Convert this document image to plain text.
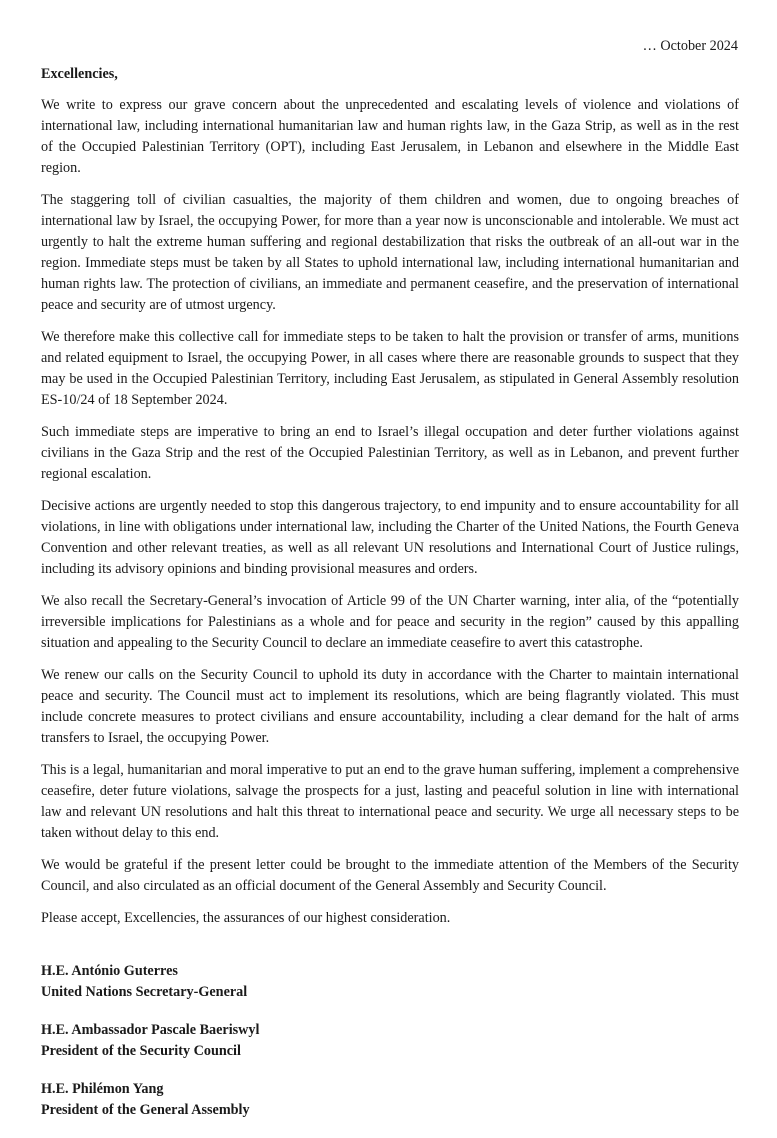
… October 2024

Excellencies,

We write to express our grave concern about the unprecedented and escalating levels of violence and violations of international law, including international humanitarian law and human rights law, in the Gaza Strip, as well as in the rest of the Occupied Palestinian Territory (OPT), including East Jerusalem, in Lebanon and elsewhere in the Middle East region.

The staggering toll of civilian casualties, the majority of them children and women, due to ongoing breaches of international law by Israel, the occupying Power, for more than a year now is unconscionable and intolerable. We must act urgently to halt the extreme human suffering and regional destabilization that risks the outbreak of an all-out war in the region. Immediate steps must be taken by all States to uphold international law, including international humanitarian and human rights law. The protection of civilians, an immediate and permanent ceasefire, and the preservation of international peace and security are of utmost urgency.

We therefore make this collective call for immediate steps to be taken to halt the provision or transfer of arms, munitions and related equipment to Israel, the occupying Power, in all cases where there are reasonable grounds to suspect that they may be used in the Occupied Palestinian Territory, including East Jerusalem, as stipulated in General Assembly resolution ES-10/24 of 18 September 2024.

Such immediate steps are imperative to bring an end to Israel’s illegal occupation and deter further violations against civilians in the Gaza Strip and the rest of the Occupied Palestinian Territory, as well as in Lebanon, and prevent further regional escalation.

Decisive actions are urgently needed to stop this dangerous trajectory, to end impunity and to ensure accountability for all violations, in line with obligations under international law, including the Charter of the United Nations, the Fourth Geneva Convention and other relevant treaties, as well as all relevant UN resolutions and International Court of Justice rulings, including its advisory opinions and binding provisional measures and orders.

We also recall the Secretary-General’s invocation of Article 99 of the UN Charter warning, inter alia, of the “potentially irreversible implications for Palestinians as a whole and for peace and security in the region” caused by this appalling situation and appealing to the Security Council to declare an immediate ceasefire to avert this catastrophe.

We renew our calls on the Security Council to uphold its duty in accordance with the Charter to maintain international peace and security. The Council must act to implement its resolutions, which are being flagrantly violated. This must include concrete measures to protect civilians and ensure accountability, including a clear demand for the halt of arms transfers to Israel, the occupying Power.

This is a legal, humanitarian and moral imperative to put an end to the grave human suffering, implement a comprehensive ceasefire, deter future violations, salvage the prospects for a just, lasting and peaceful solution in line with international law and relevant UN resolutions and halt this threat to international peace and security. We urge all necessary steps to be taken without delay to this end.

We would be grateful if the present letter could be brought to the immediate attention of the Members of the Security Council, and also circulated as an official document of the General Assembly and Security Council.

Please accept, Excellencies, the assurances of our highest consideration.

H.E. António Guterres

United Nations Secretary-General

H.E. Ambassador Pascale Baeriswyl

President of the Security Council

H.E. Philémon Yang

President of the General Assembly
